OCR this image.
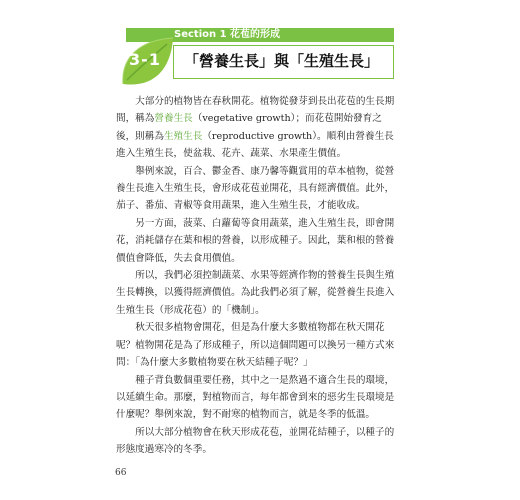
Section 1 花苞的形成
3-1	「營養生長」與「生殖生長」

大部分的植物皆在春秋開花。植物從發芽到長出花苞的生長期間，稱為營養生長（vegetative growth）；而花苞開始發育之後，則稱為生殖生長（reproductive growth）。順利由營養生長進入生殖生長，使盆栽、花卉、蔬菜、水果產生價值。

舉例來說，百合、鬱金香、康乃馨等觀賞用的草本植物，從營養生長進入生殖生長，會形成花苞並開花，具有經濟價值。此外，茄子、番茄、青椒等食用蔬果，進入生殖生長，才能收成。

另一方面，菠菜、白蘿蔔等食用蔬菜，進入生殖生長，即會開花，消耗儲存在葉和根的營養，以形成種子。因此，葉和根的營養價值會降低，失去食用價值。

所以，我們必須控制蔬菜、水果等經濟作物的營養生長與生殖生長轉換，以獲得經濟價值。為此我們必須了解，從營養生長進入生殖生長（形成花苞）的「機制」。

秋天很多植物會開花，但是為什麼大多數植物都在秋天開花呢？植物開花是為了形成種子，所以這個問題可以換另一種方式來問：「為什麼大多數植物要在秋天結種子呢？」

種子背負數個重要任務，其中之一是熬過不適合生長的環境，以延續生命。那麼，對植物而言，每年都會到來的惡劣生長環境是什麼呢？舉例來說，對不耐寒的植物而言，就是冬季的低溫。

所以大部分植物會在秋天形成花苞，並開花結種子，以種子的形態度過寒冷的冬季。

66
